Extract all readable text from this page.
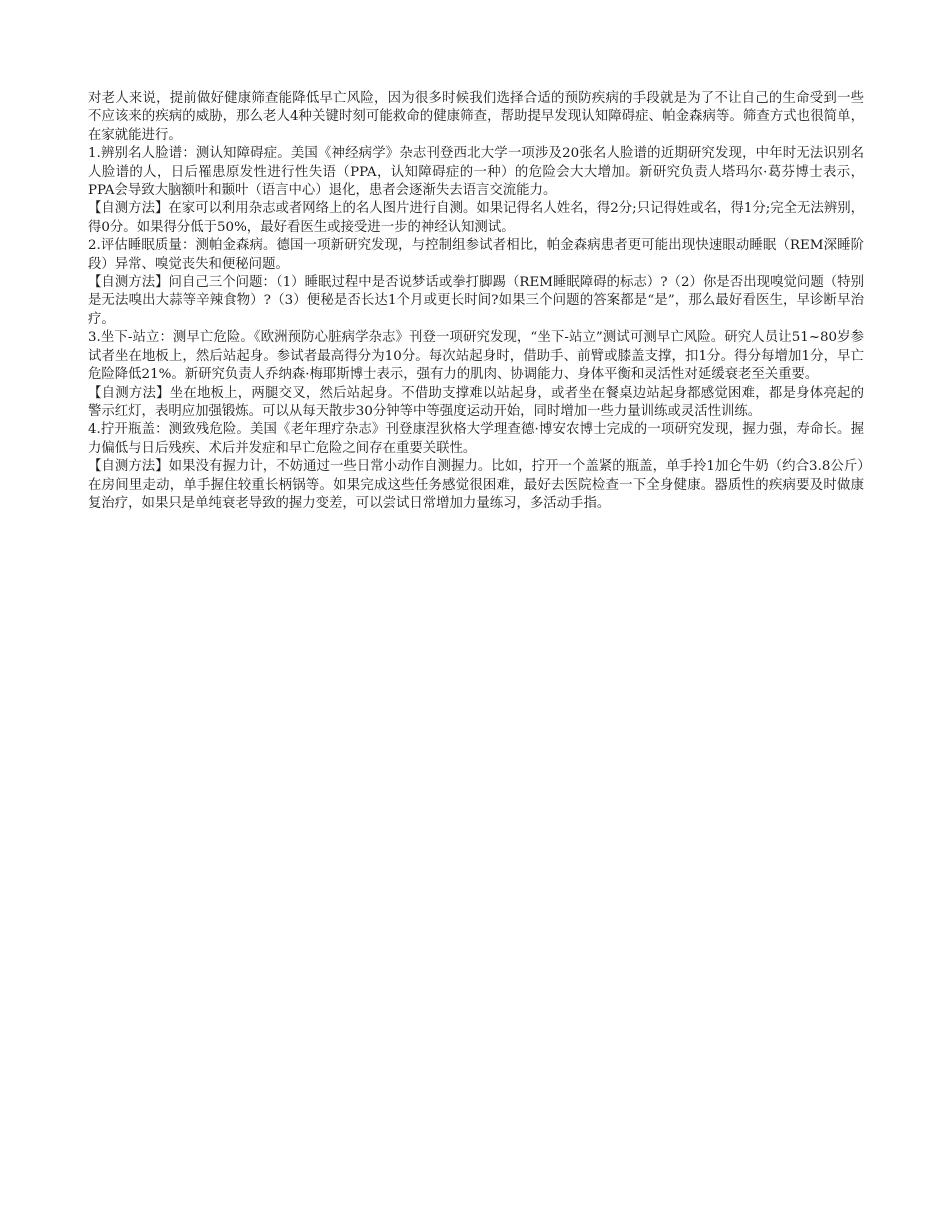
对老人来说，提前做好健康筛查能降低早亡风险，因为很多时候我们选择合适的预防疾病的手段就是为了不让自己的生命受到一些不应该来的疾病的威胁，那么老人4种关键时刻可能救命的健康筛查，帮助提早发现认知障碍症、帕金森病等。筛查方式也很简单，在家就能进行。

1.辨别名人脸谱：测认知障碍症。美国《神经病学》杂志刊登西北大学一项涉及20张名人脸谱的近期研究发现，中年时无法识别名人脸谱的人，日后罹患原发性进行性失语（PPA，认知障碍症的一种）的危险会大大增加。新研究负责人塔玛尔·葛芬博士表示，PPA会导致大脑额叶和颞叶（语言中心）退化，患者会逐渐失去语言交流能力。

【自测方法】在家可以利用杂志或者网络上的名人图片进行自测。如果记得名人姓名，得2分;只记得姓或名，得1分;完全无法辨别，得0分。如果得分低于50%，最好看医生或接受进一步的神经认知测试。

2.评估睡眠质量：测帕金森病。德国一项新研究发现，与控制组参试者相比，帕金森病患者更可能出现快速眼动睡眠（REM深睡阶段）异常、嗅觉丧失和便秘问题。

【自测方法】问自己三个问题：（1）睡眠过程中是否说梦话或拳打脚踢（REM睡眠障碍的标志）?（2）你是否出现嗅觉问题（特别是无法嗅出大蒜等辛辣食物）?（3）便秘是否长达1个月或更长时间?如果三个问题的答案都是“是”，那么最好看医生，早诊断早治疗。

3.坐下-站立：测早亡危险。《欧洲预防心脏病学杂志》刊登一项研究发现，“坐下-站立”测试可测早亡风险。研究人员让51~80岁参试者坐在地板上，然后站起身。参试者最高得分为10分。每次站起身时，借助手、前臂或膝盖支撑，扣1分。得分每增加1分，早亡危险降低21%。新研究负责人乔纳森·梅耶斯博士表示，强有力的肌肉、协调能力、身体平衡和灵活性对延缓衰老至关重要。

【自测方法】坐在地板上，两腿交叉，然后站起身。不借助支撑难以站起身，或者坐在餐桌边站起身都感觉困难，都是身体亮起的警示红灯，表明应加强锻炼。可以从每天散步30分钟等中等强度运动开始，同时增加一些力量训练或灵活性训练。

4.拧开瓶盖：测致残危险。美国《老年理疗杂志》刊登康涅狄格大学理查德·博安农博士完成的一项研究发现，握力强，寿命长。握力偏低与日后残疾、术后并发症和早亡危险之间存在重要关联性。

【自测方法】如果没有握力计，不妨通过一些日常小动作自测握力。比如，拧开一个盖紧的瓶盖，单手拎1加仑牛奶（约合3.8公斤）在房间里走动，单手握住较重长柄锅等。如果完成这些任务感觉很困难，最好去医院检查一下全身健康。器质性的疾病要及时做康复治疗，如果只是单纯衰老导致的握力变差，可以尝试日常增加力量练习，多活动手指。
